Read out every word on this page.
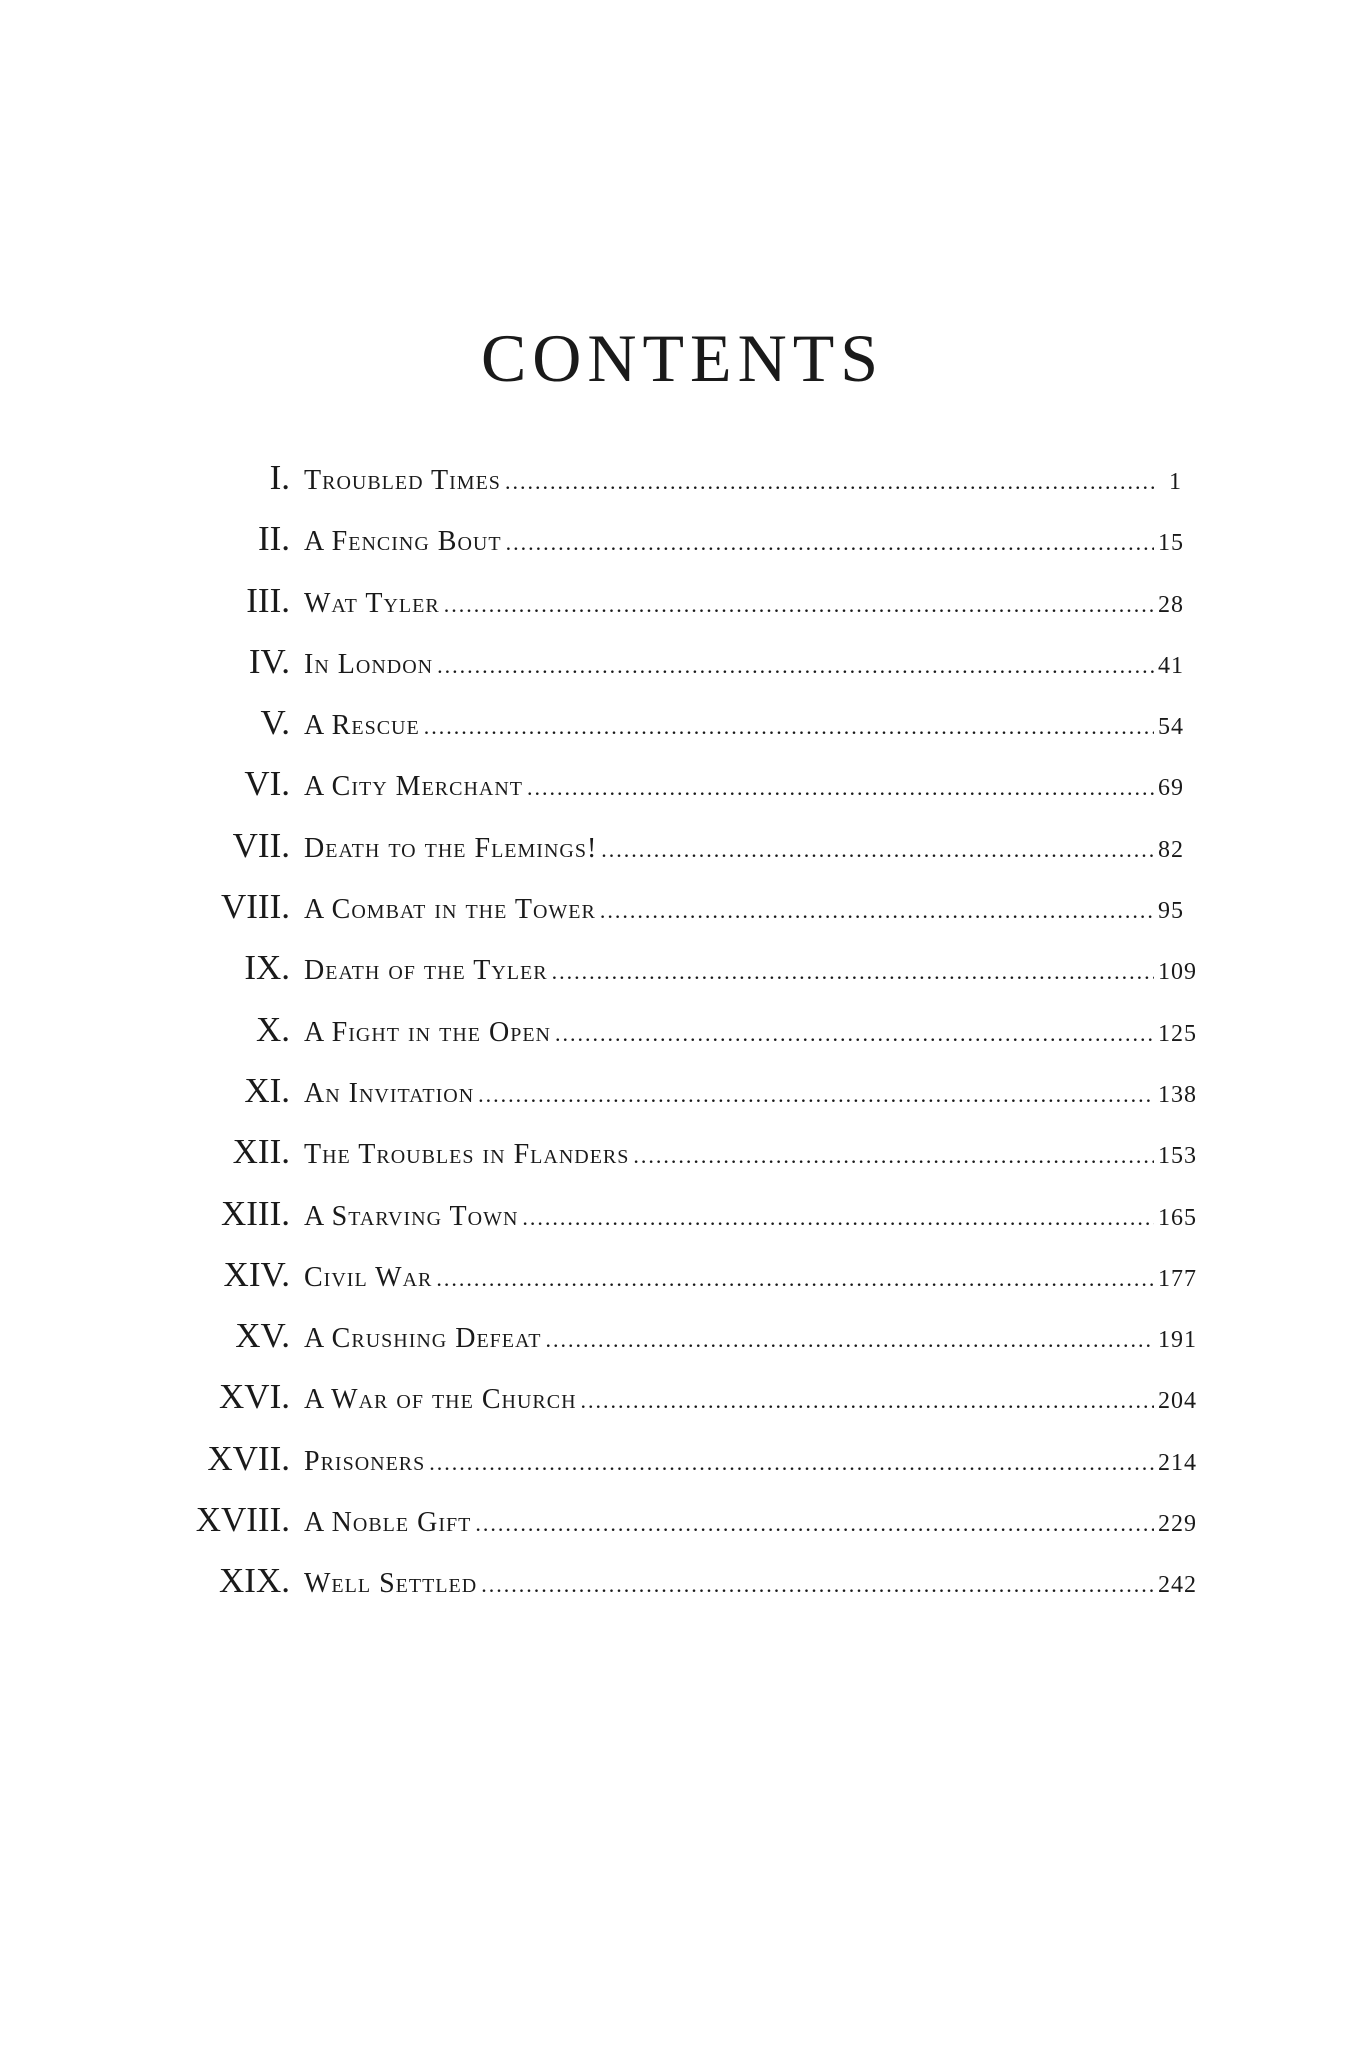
CONTENTS
I. Troubled Times .....	1
II. A Fencing Bout .....	15
III. Wat Tyler .....	28
IV. In London .....	41
V. A Rescue .....	54
VI. A City Merchant .....	69
VII. Death to the Flemings! .....	82
VIII. A Combat in the Tower .....	95
IX. Death of the Tyler .....	109
X. A Fight in the Open .....	125
XI. An Invitation .....	138
XII. The Troubles in Flanders .....	153
XIII. A Starving Town .....	165
XIV. Civil War .....	177
XV. A Crushing Defeat .....	191
XVI. A War of the Church .....	204
XVII. Prisoners .....	214
XVIII. A Noble Gift .....	229
XIX. Well Settled .....	242
